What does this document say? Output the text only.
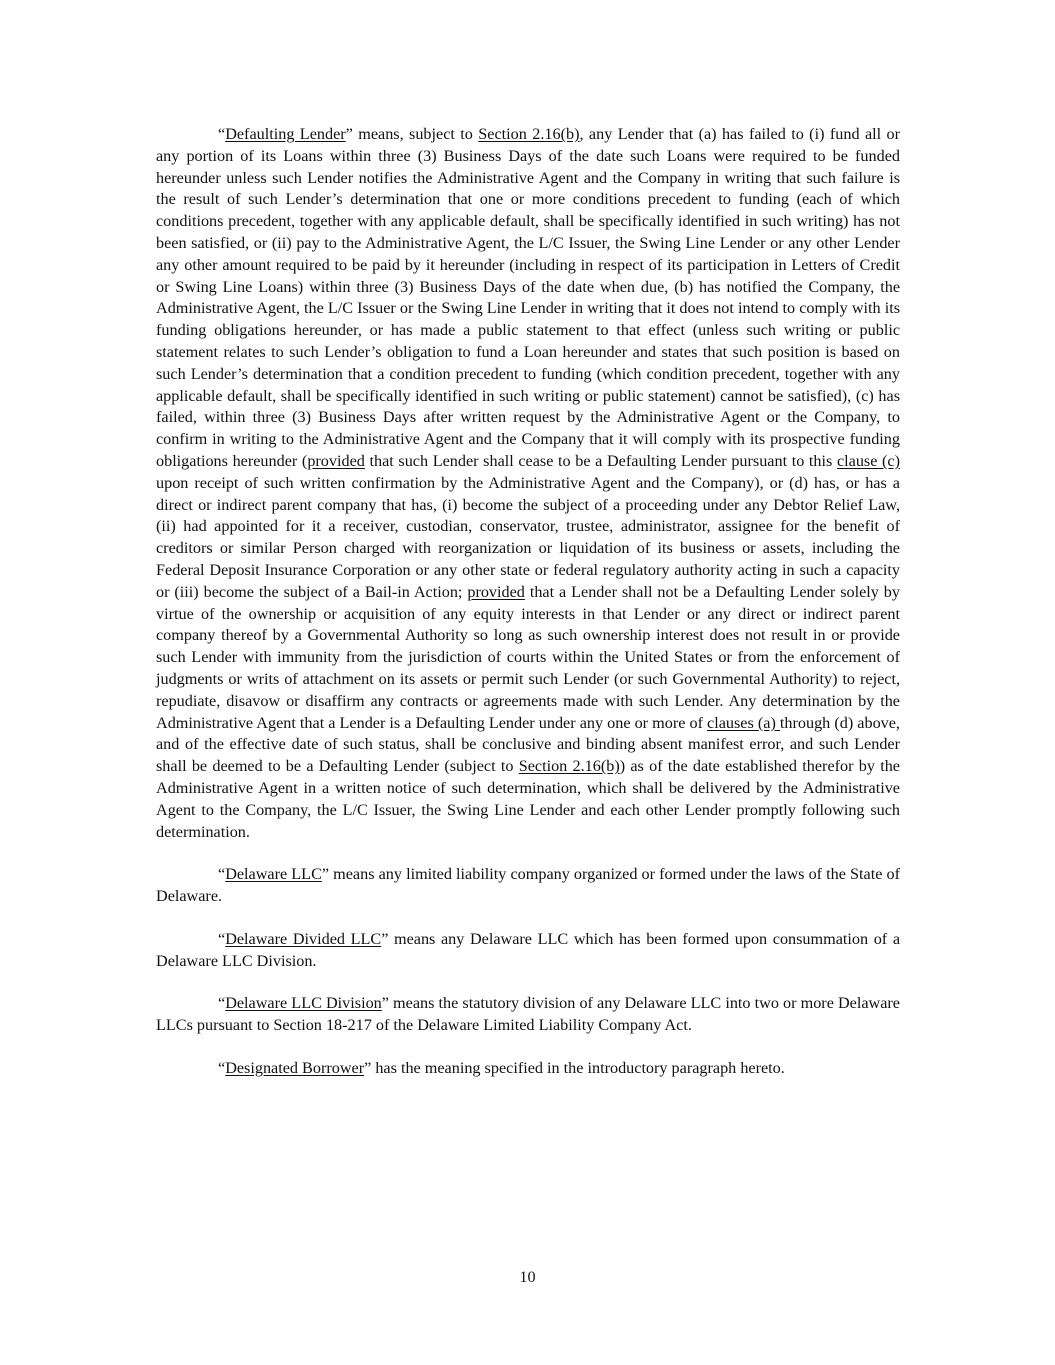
“Defaulting Lender” means, subject to Section 2.16(b), any Lender that (a) has failed to (i) fund all or any portion of its Loans within three (3) Business Days of the date such Loans were required to be funded hereunder unless such Lender notifies the Administrative Agent and the Company in writing that such failure is the result of such Lender’s determination that one or more conditions precedent to funding (each of which conditions precedent, together with any applicable default, shall be specifically identified in such writing) has not been satisfied, or (ii) pay to the Administrative Agent, the L/C Issuer, the Swing Line Lender or any other Lender any other amount required to be paid by it hereunder (including in respect of its participation in Letters of Credit or Swing Line Loans) within three (3) Business Days of the date when due, (b) has notified the Company, the Administrative Agent, the L/C Issuer or the Swing Line Lender in writing that it does not intend to comply with its funding obligations hereunder, or has made a public statement to that effect (unless such writing or public statement relates to such Lender’s obligation to fund a Loan hereunder and states that such position is based on such Lender’s determination that a condition precedent to funding (which condition precedent, together with any applicable default, shall be specifically identified in such writing or public statement) cannot be satisfied), (c) has failed, within three (3) Business Days after written request by the Administrative Agent or the Company, to confirm in writing to the Administrative Agent and the Company that it will comply with its prospective funding obligations hereunder (provided that such Lender shall cease to be a Defaulting Lender pursuant to this clause (c) upon receipt of such written confirmation by the Administrative Agent and the Company), or (d) has, or has a direct or indirect parent company that has, (i) become the subject of a proceeding under any Debtor Relief Law, (ii) had appointed for it a receiver, custodian, conservator, trustee, administrator, assignee for the benefit of creditors or similar Person charged with reorganization or liquidation of its business or assets, including the Federal Deposit Insurance Corporation or any other state or federal regulatory authority acting in such a capacity or (iii) become the subject of a Bail-in Action; provided that a Lender shall not be a Defaulting Lender solely by virtue of the ownership or acquisition of any equity interests in that Lender or any direct or indirect parent company thereof by a Governmental Authority so long as such ownership interest does not result in or provide such Lender with immunity from the jurisdiction of courts within the United States or from the enforcement of judgments or writs of attachment on its assets or permit such Lender (or such Governmental Authority) to reject, repudiate, disavow or disaffirm any contracts or agreements made with such Lender. Any determination by the Administrative Agent that a Lender is a Defaulting Lender under any one or more of clauses (a) through (d) above, and of the effective date of such status, shall be conclusive and binding absent manifest error, and such Lender shall be deemed to be a Defaulting Lender (subject to Section 2.16(b)) as of the date established therefor by the Administrative Agent in a written notice of such determination, which shall be delivered by the Administrative Agent to the Company, the L/C Issuer, the Swing Line Lender and each other Lender promptly following such determination.

“Delaware LLC” means any limited liability company organized or formed under the laws of the State of Delaware.

“Delaware Divided LLC” means any Delaware LLC which has been formed upon consummation of a Delaware LLC Division.

“Delaware LLC Division” means the statutory division of any Delaware LLC into two or more Delaware LLCs pursuant to Section 18-217 of the Delaware Limited Liability Company Act.

“Designated Borrower” has the meaning specified in the introductory paragraph hereto.

10
